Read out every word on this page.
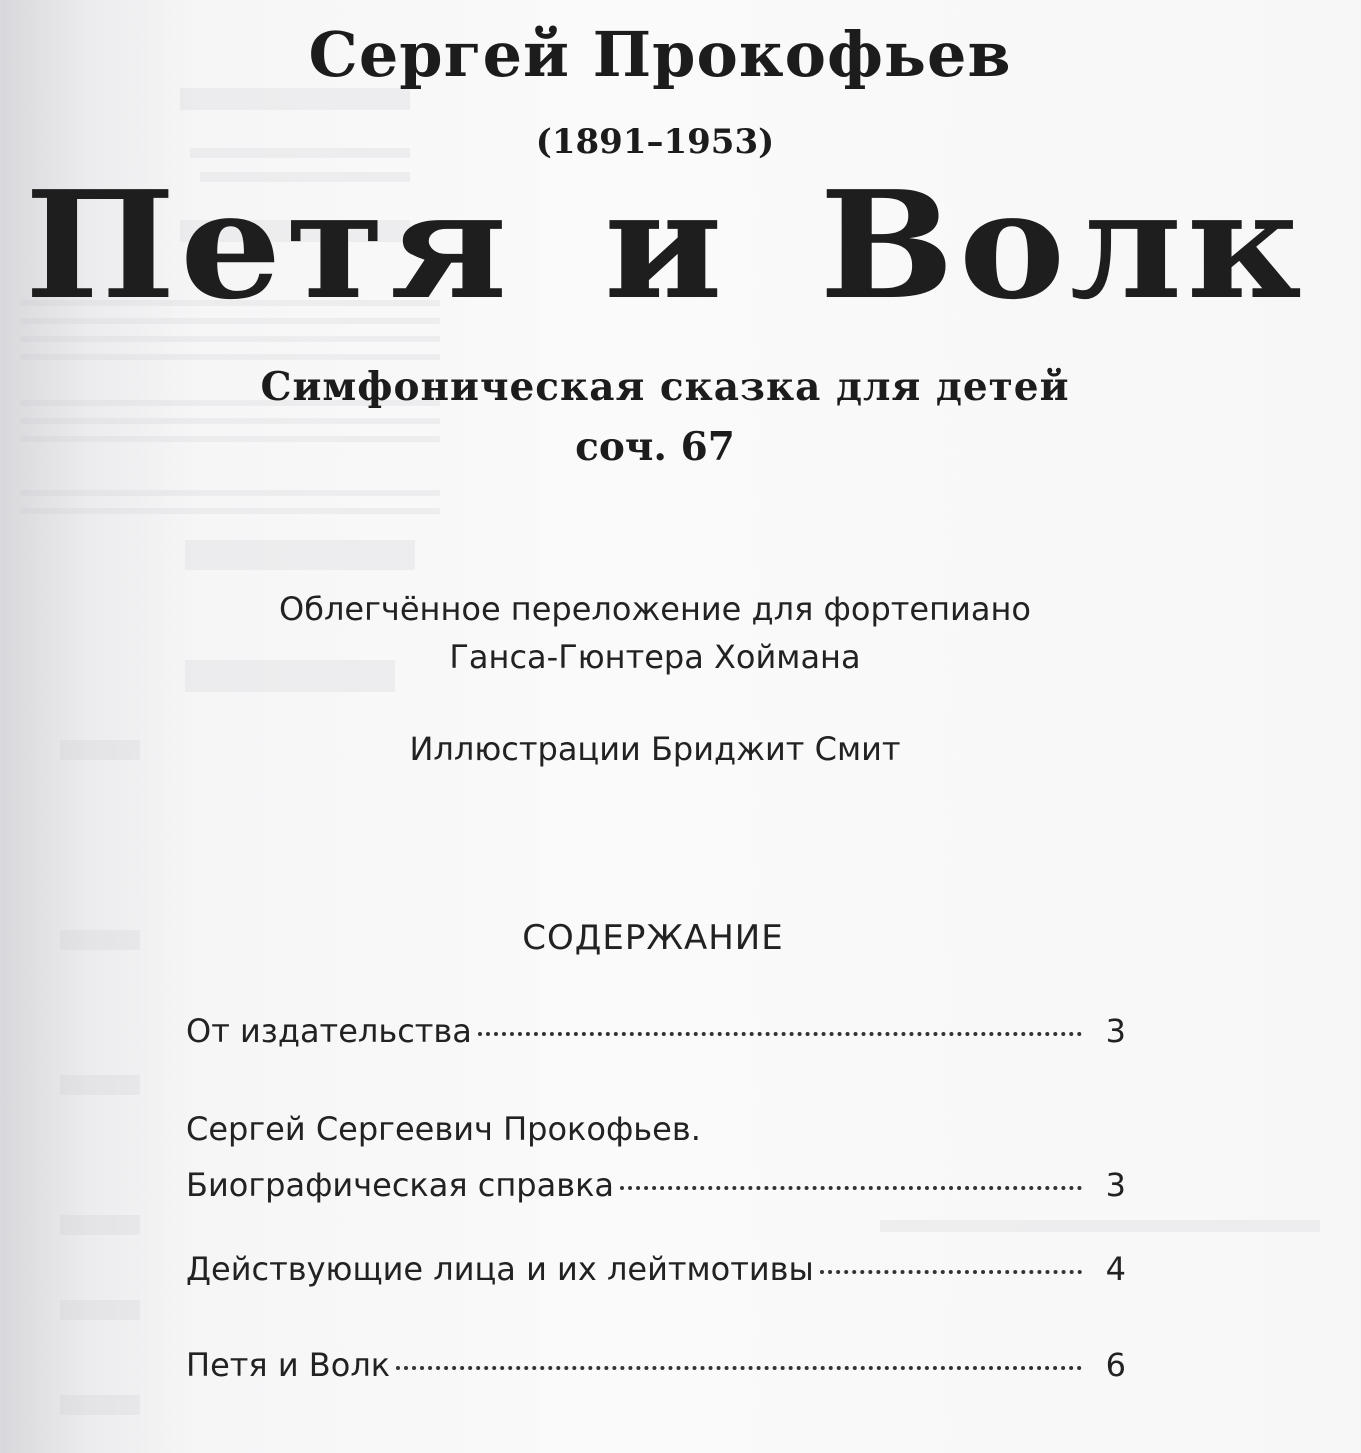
Сергей Прокофьев
(1891–1953)
Петя и Волк
Симфоническая сказка для детей
соч. 67
Облегчённое переложение для фортепиано
Ганса-Гюнтера Хоймана
Иллюстрации Бриджит Смит
СОДЕРЖАНИЕ
От издательства	3
Сергей Сергеевич Прокофьев.
Биографическая справка	3
Действующие лица и их лейтмотивы	4
Петя и Волк	6
